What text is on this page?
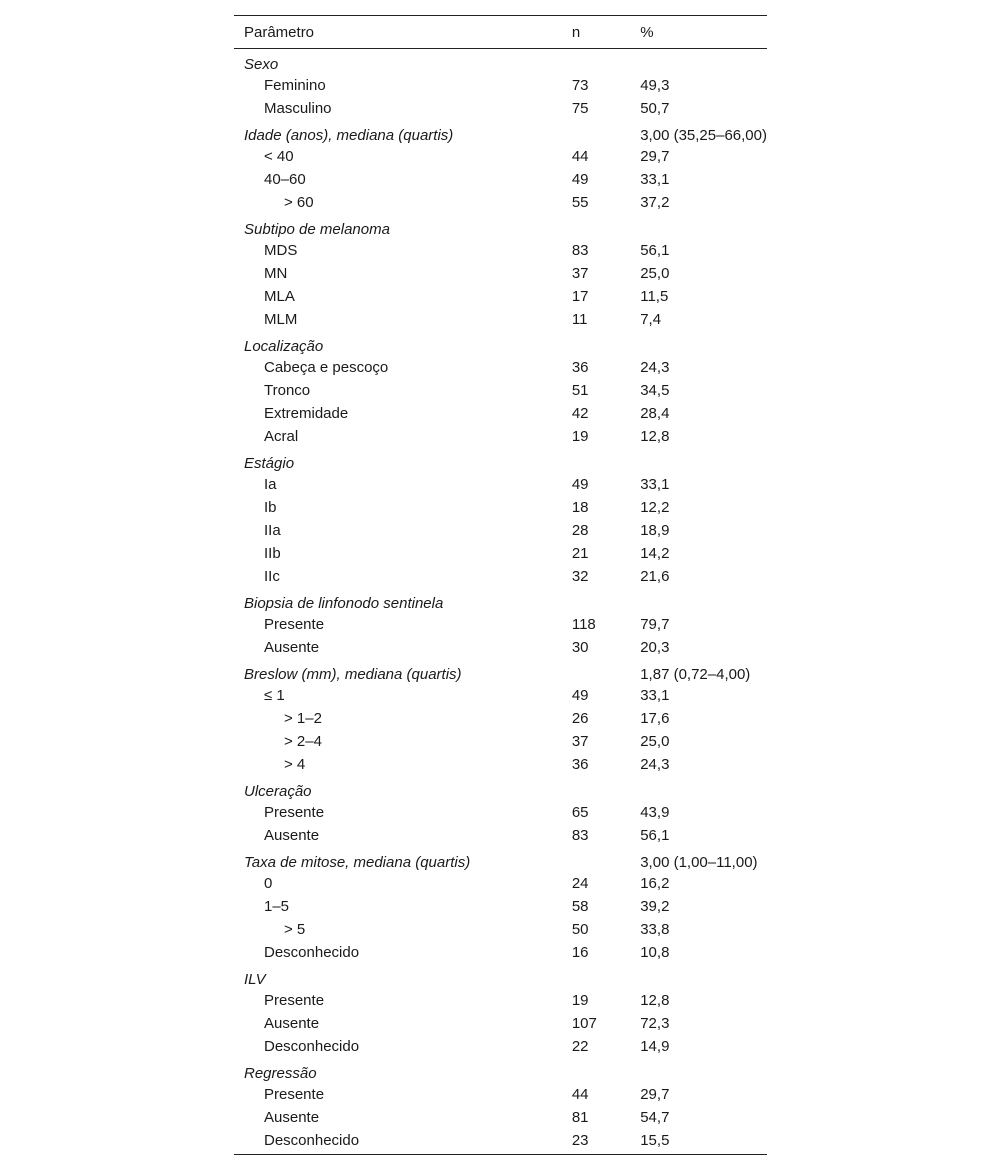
Parâmetro	n	%
Sexo		
Feminino	73	49,3
Masculino	75	50,7
Idade (anos), mediana (quartis)		3,00 (35,25–66,00)
< 40	44	29,7
40–60	49	33,1
> 60	55	37,2
Subtipo de melanoma		
MDS	83	56,1
MN	37	25,0
MLA	17	11,5
MLM	11	7,4
Localização		
Cabeça e pescoço	36	24,3
Tronco	51	34,5
Extremidade	42	28,4
Acral	19	12,8
Estágio		
Ia	49	33,1
Ib	18	12,2
IIa	28	18,9
IIb	21	14,2
IIc	32	21,6
Biopsia de linfonodo sentinela		
Presente	118	79,7
Ausente	30	20,3
Breslow (mm), mediana (quartis)		1,87 (0,72–4,00)
≤ 1	49	33,1
> 1–2	26	17,6
> 2–4	37	25,0
> 4	36	24,3
Ulceração		
Presente	65	43,9
Ausente	83	56,1
Taxa de mitose, mediana (quartis)		3,00 (1,00–11,00)
0	24	16,2
1–5	58	39,2
> 5	50	33,8
Desconhecido	16	10,8
ILV		
Presente	19	12,8
Ausente	107	72,3
Desconhecido	22	14,9
Regressão		
Presente	44	29,7
Ausente	81	54,7
Desconhecido	23	15,5
